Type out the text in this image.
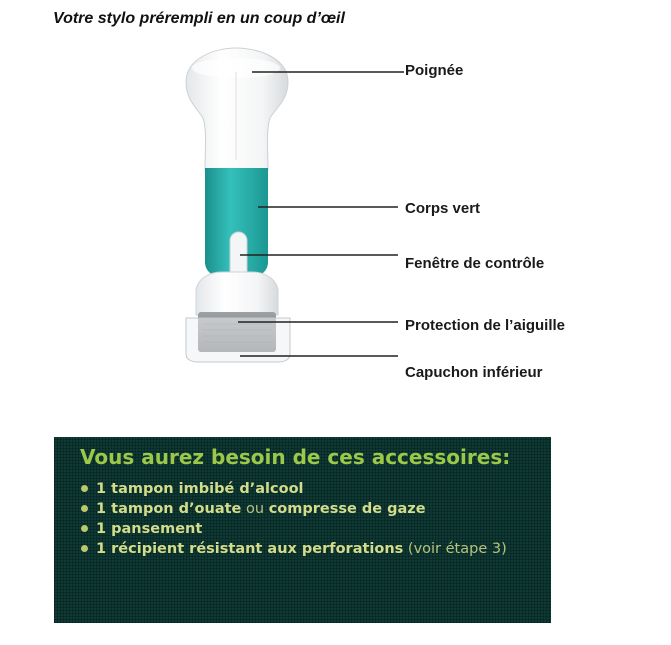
Votre stylo prérempli en un coup d’œil
Poignée
Corps vert
Fenêtre de contrôle
Protection de l’aiguille
Capuchon inférieur
Vous aurez besoin de ces accessoires:
1 tampon imbibé d’alcool
1 tampon d’ouate ou compresse de gaze
1 pansement
1 récipient résistant aux perforations (voir étape 3)
